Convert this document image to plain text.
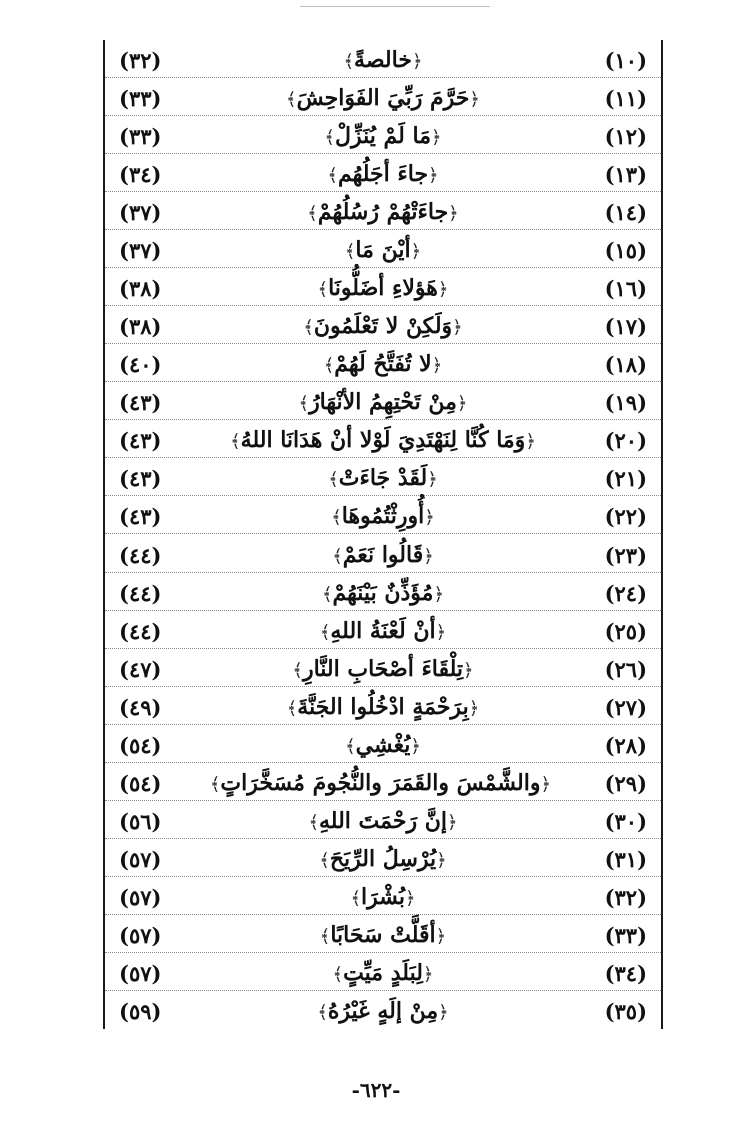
(٣٢)	﴿خالصةً﴾	(١٠)
(٣٣)	﴿حَرَّمَ رَبِّيَ الفَوَاحِشَ﴾	(١١)
(٣٣)	﴿مَا لَمْ يُنَزِّلْ﴾	(١٢)
(٣٤)	﴿جاءَ أجَلُهُم﴾	(١٣)
(٣٧)	﴿جاءَتْهُمْ رُسُلُهُمْ﴾	(١٤)
(٣٧)	﴿أيْنَ مَا﴾	(١٥)
(٣٨)	﴿هَؤلاءِ أضَلُّونَا﴾	(١٦)
(٣٨)	﴿وَلَكِنْ لا تَعْلَمُونَ﴾	(١٧)
(٤٠)	﴿لا تُفَتَّحُ لَهُمْ﴾	(١٨)
(٤٣)	﴿مِنْ تَحْتِهِمُ الأنْهَارُ﴾	(١٩)
(٤٣)	﴿وَمَا كُنَّا لِنَهْتَدِيَ لَوْلا أنْ هَدَانَا اللهُ﴾	(٢٠)
(٤٣)	﴿لَقَدْ جَاءَتْ﴾	(٢١)
(٤٣)	﴿أُورِثْتُمُوهَا﴾	(٢٢)
(٤٤)	﴿قَالُوا نَعَمْ﴾	(٢٣)
(٤٤)	﴿مُؤَذِّنٌ بَيْنَهُمْ﴾	(٢٤)
(٤٤)	﴿أنْ لَعْنَةُ اللهِ﴾	(٢٥)
(٤٧)	﴿تِلْقَاءَ أصْحَابِ النَّارِ﴾	(٢٦)
(٤٩)	﴿بِرَحْمَةٍ ادْخُلُوا الجَنَّةَ﴾	(٢٧)
(٥٤)	﴿يُغْشِي﴾	(٢٨)
(٥٤)	﴿والشَّمْسَ والقَمَرَ والنُّجُومَ مُسَخَّرَاتٍ﴾	(٢٩)
(٥٦)	﴿إنَّ رَحْمَتَ اللهِ﴾	(٣٠)
(٥٧)	﴿يُرْسِلُ الرِّيَحَ﴾	(٣١)
(٥٧)	﴿بُشْرَا﴾	(٣٢)
(٥٧)	﴿أقَلَّتْ سَحَابًا﴾	(٣٣)
(٥٧)	﴿لِبَلَدٍ مَيِّتٍ﴾	(٣٤)
(٥٩)	﴿مِنْ إلَهٍ غَيْرُهُ﴾	(٣٥)
-٦٢٢-
